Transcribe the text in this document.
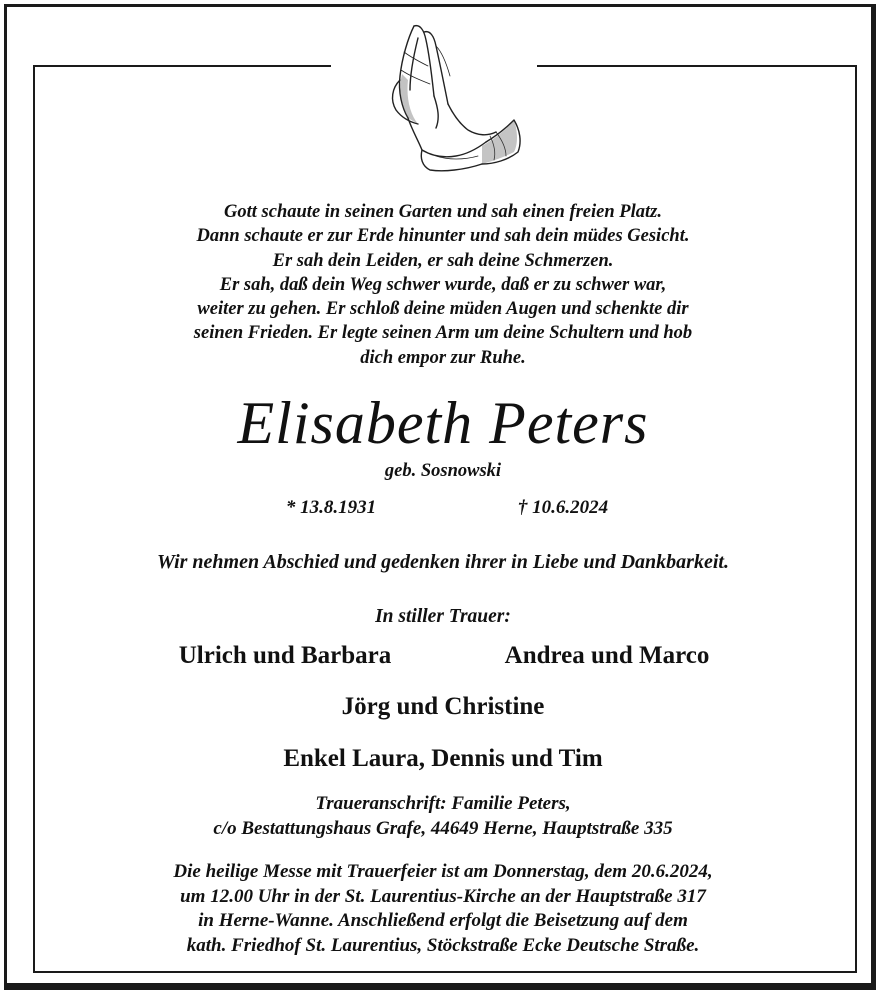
Gott schaute in seinen Garten und sah einen freien Platz.
Dann schaute er zur Erde hinunter und sah dein müdes Gesicht.
Er sah dein Leiden, er sah deine Schmerzen.
Er sah, daß dein Weg schwer wurde, daß er zu schwer war,
weiter zu gehen. Er schloß deine müden Augen und schenkte dir
seinen Frieden. Er legte seinen Arm um deine Schultern und hob
dich empor zur Ruhe.
Elisabeth Peters
geb. Sosnowski
* 13.8.1931	† 10.6.2024
Wir nehmen Abschied und gedenken ihrer in Liebe und Dankbarkeit.
In stiller Trauer:
Ulrich und Barbara	Andrea und Marco
Jörg und Christine
Enkel Laura, Dennis und Tim
Traueranschrift: Familie Peters,
c/o Bestattungshaus Grafe, 44649 Herne, Hauptstraße 335
Die heilige Messe mit Trauerfeier ist am Donnerstag, dem 20.6.2024,
um 12.00 Uhr in der St. Laurentius-Kirche an der Hauptstraße 317
in Herne-Wanne. Anschließend erfolgt die Beisetzung auf dem
kath. Friedhof St. Laurentius, Stöckstraße Ecke Deutsche Straße.
